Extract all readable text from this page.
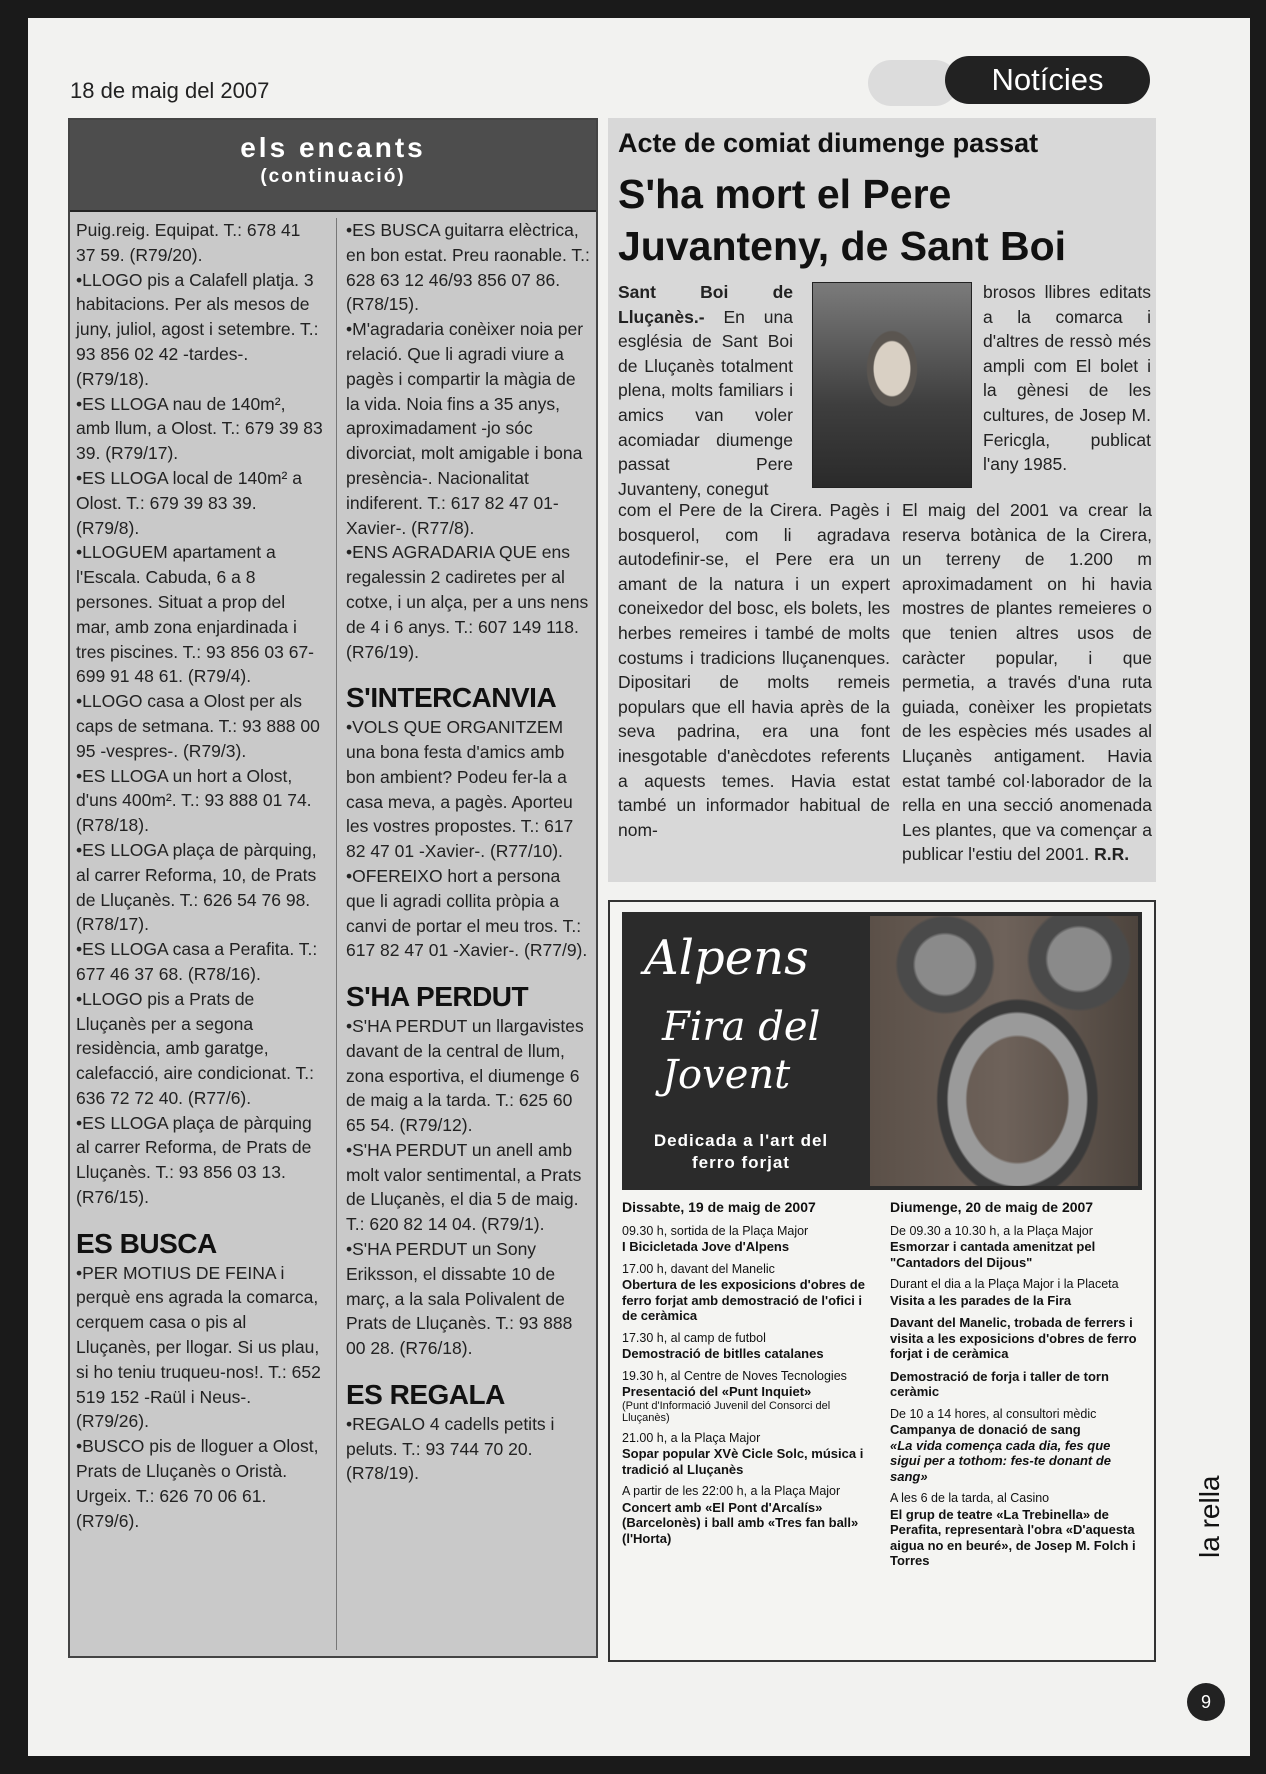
18 de maig del 2007	Notícies
els encants
(continuació)

Puig.reig. Equipat. T.: 678 41 37 59. (R79/20).

•LLOGO pis a Calafell platja. 3 habitacions. Per als mesos de juny, juliol, agost i setembre. T.: 93 856 02 42 -tardes-. (R79/18).

•ES LLOGA nau de 140m², amb llum, a Olost. T.: 679 39 83 39. (R79/17).

•ES LLOGA local de 140m² a Olost. T.: 679 39 83 39. (R79/8).

•LLOGUEM apartament a l'Escala. Cabuda, 6 a 8 persones. Situat a prop del mar, amb zona enjardinada i tres piscines. T.: 93 856 03 67-699 91 48 61. (R79/4).

•LLOGO casa a Olost per als caps de setmana. T.: 93 888 00 95 -vespres-. (R79/3).

•ES LLOGA un hort a Olost, d'uns 400m². T.: 93 888 01 74. (R78/18).

•ES LLOGA plaça de pàrquing, al carrer Reforma, 10, de Prats de Lluçanès. T.: 626 54 76 98. (R78/17).

•ES LLOGA casa a Perafita. T.: 677 46 37 68. (R78/16).

•LLOGO pis a Prats de Lluçanès per a segona residència, amb garatge, calefacció, aire condicionat. T.: 636 72 72 40. (R77/6).

•ES LLOGA plaça de pàrquing al carrer Reforma, de Prats de Lluçanès. T.: 93 856 03 13. (R76/15).

ES BUSCA

•PER MOTIUS DE FEINA i perquè ens agrada la comarca, cerquem casa o pis al Lluçanès, per llogar. Si us plau, si ho teniu truqueu-nos!. T.: 652 519 152 -Raül i Neus-. (R79/26).

•BUSCO pis de lloguer a Olost, Prats de Lluçanès o Oristà. Urgeix. T.: 626 70 06 61. (R79/6).

•ES BUSCA guitarra elèctrica, en bon estat. Preu raonable. T.: 628 63 12 46/93 856 07 86. (R78/15).

•M'agradaria conèixer noia per relació. Que li agradi viure a pagès i compartir la màgia de la vida. Noia fins a 35 anys, aproximadament -jo sóc divorciat, molt amigable i bona presència-. Nacionalitat indiferent. T.: 617 82 47 01-Xavier-. (R77/8).

•ENS AGRADARIA QUE ens regalessin 2 cadiretes per al cotxe, i un alça, per a uns nens de 4 i 6 anys. T.: 607 149 118. (R76/19).

S'INTERCANVIA

•VOLS QUE ORGANITZEM una bona festa d'amics amb bon ambient? Podeu fer-la a casa meva, a pagès. Aporteu les vostres propostes. T.: 617 82 47 01 -Xavier-. (R77/10).

•OFEREIXO hort a persona que li agradi collita pròpia a canvi de portar el meu tros. T.: 617 82 47 01 -Xavier-. (R77/9).

S'HA PERDUT

•S'HA PERDUT un llargavistes davant de la central de llum, zona esportiva, el diumenge 6 de maig a la tarda. T.: 625 60 65 54. (R79/12).

•S'HA PERDUT un anell amb molt valor sentimental, a Prats de Lluçanès, el dia 5 de maig. T.: 620 82 14 04. (R79/1).

•S'HA PERDUT un Sony Eriksson, el dissabte 10 de març, a la sala Polivalent de Prats de Lluçanès. T.: 93 888 00 28. (R76/18).

ES REGALA

•REGALO 4 cadells petits i peluts. T.: 93 744 70 20. (R78/19).

Acte de comiat diumenge passat
S'ha mort el Pere Juvanteny, de Sant Boi
Sant Boi de Lluçanès.- En una església de Sant Boi de Lluçanès totalment plena, molts familiars i amics van voler acomiadar diumenge passat Pere Juvanteny, conegut
com el Pere de la Cirera. Pagès i bosquerol, com li agradava autodefinir-se, el Pere era un amant de la natura i un expert coneixedor del bosc, els bolets, les herbes remeires i també de molts costums i tradicions lluçanenques. Dipositari de molts remeis populars que ell havia après de la seva padrina, era una font inesgotable d'anècdotes referents a aquests temes. Havia estat també un informador habitual de nom-
brosos llibres editats a la comarca i d'altres de ressò més ampli com El bolet i la gènesi de les cultures, de Josep M. Fericgla, publicat l'any 1985.
El maig del 2001 va crear la reserva botànica de la Cirera, un terreny de 1.200 m aproximadament on hi havia mostres de plantes remeieres o que tenien altres usos de caràcter popular, i que permetia, a través d'una ruta guiada, conèixer les propietats de les espècies més usades al Lluçanès antigament. Havia estat també col·laborador de la rella en una secció anomenada Les plantes, que va començar a publicar l'estiu del 2001. R.R.
Alpens
Fira del
Jovent
Dedicada a l'art del ferro forjat
Dissabte, 19 de maig de 2007
09.30 h, sortida de la Plaça Major
I Bicicletada Jove d'Alpens
17.00 h, davant del Manelic
Obertura de les exposicions d'obres de ferro forjat amb demostració de l'ofici i de ceràmica
17.30 h, al camp de futbol
Demostració de bitlles catalanes
19.30 h, al Centre de Noves Tecnologies
Presentació del «Punt Inquiet»
(Punt d'Informació Juvenil del Consorci del Lluçanès)
21.00 h, a la Plaça Major
Sopar popular XVè Cicle Solc, música i tradició al Lluçanès
A partir de les 22:00 h, a la Plaça Major
Concert amb «El Pont d'Arcalís» (Barcelonès) i ball amb «Tres fan ball» (l'Horta)
Diumenge, 20 de maig de 2007
De 09.30 a 10.30 h, a la Plaça Major
Esmorzar i cantada amenitzat pel "Cantadors del Dijous"
Durant el dia a la Plaça Major i la Placeta
Visita a les parades de la Fira
Davant del Manelic, trobada de ferrers i visita a les exposicions d'obres de ferro forjat i de ceràmica
Demostració de forja i taller de torn ceràmic
De 10 a 14 hores, al consultori mèdic
Campanya de donació de sang
«La vida comença cada dia, fes que sigui per a tothom: fes-te donant de sang»
A les 6 de la tarda, al Casino
El grup de teatre «La Trebinella» de Perafita, representarà l'obra «D'aquesta aigua no en beuré», de Josep M. Folch i Torres
la rella
9
